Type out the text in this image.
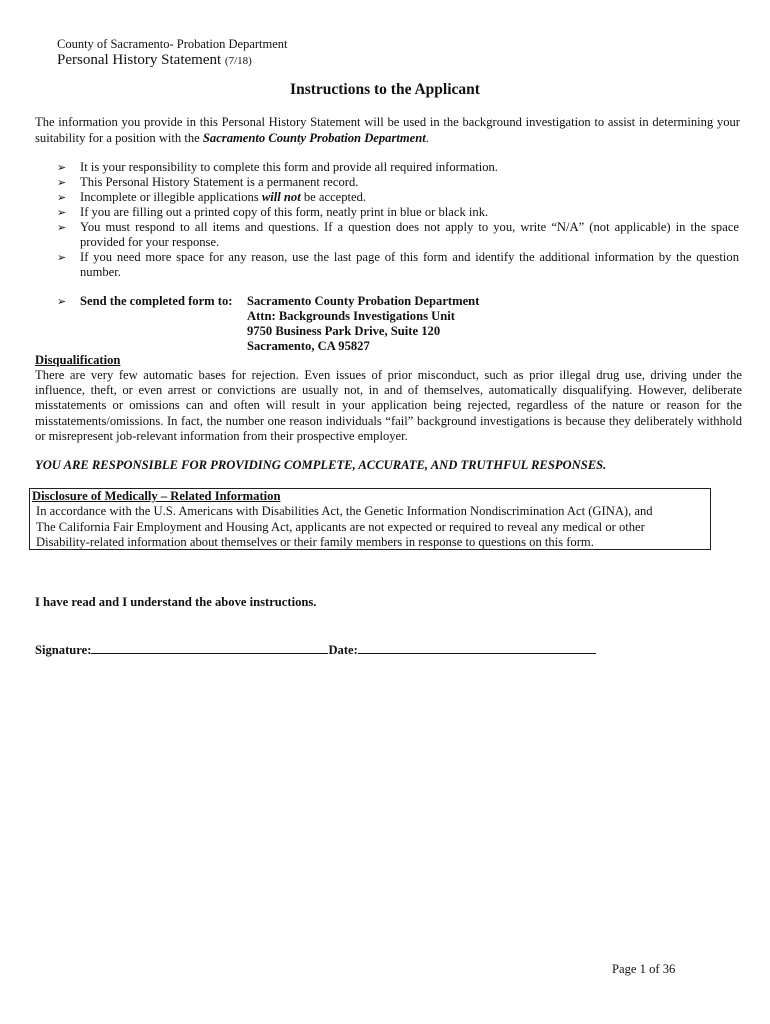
County of Sacramento- Probation Department
Personal History Statement (7/18)
Instructions to the Applicant
The information you provide in this Personal History Statement will be used in the background investigation to assist in determining your suitability for a position with the Sacramento County Probation Department.
➢ It is your responsibility to complete this form and provide all required information.
➢ This Personal History Statement is a permanent record.
➢ Incomplete or illegible applications will not be accepted.
➢ If you are filling out a printed copy of this form, neatly print in blue or black ink.
➢ You must respond to all items and questions. If a question does not apply to you, write “N/A” (not applicable) in the space provided for your response.
➢ If you need more space for any reason, use the last page of this form and identify the additional information by the question number.
➢ Send the completed form to: Sacramento County Probation Department
Attn: Backgrounds Investigations Unit
9750 Business Park Drive, Suite 120
Sacramento, CA 95827
Disqualification
There are very few automatic bases for rejection. Even issues of prior misconduct, such as prior illegal drug use, driving under the influence, theft, or even arrest or convictions are usually not, in and of themselves, automatically disqualifying. However, deliberate misstatements or omissions can and often will result in your application being rejected, regardless of the nature or reason for the misstatements/omissions. In fact, the number one reason individuals “fail” background investigations is because they deliberately withhold or misrepresent job-relevant information from their prospective employer.
YOU ARE RESPONSIBLE FOR PROVIDING COMPLETE, ACCURATE, AND TRUTHFUL RESPONSES.
Disclosure of Medically – Related Information
In accordance with the U.S. Americans with Disabilities Act, the Genetic Information Nondiscrimination Act (GINA), and
The California Fair Employment and Housing Act, applicants are not expected or required to reveal any medical or other
Disability-related information about themselves or their family members in response to questions on this form.
I have read and I understand the above instructions.
Signature:	Date:
Page 1 of 36
